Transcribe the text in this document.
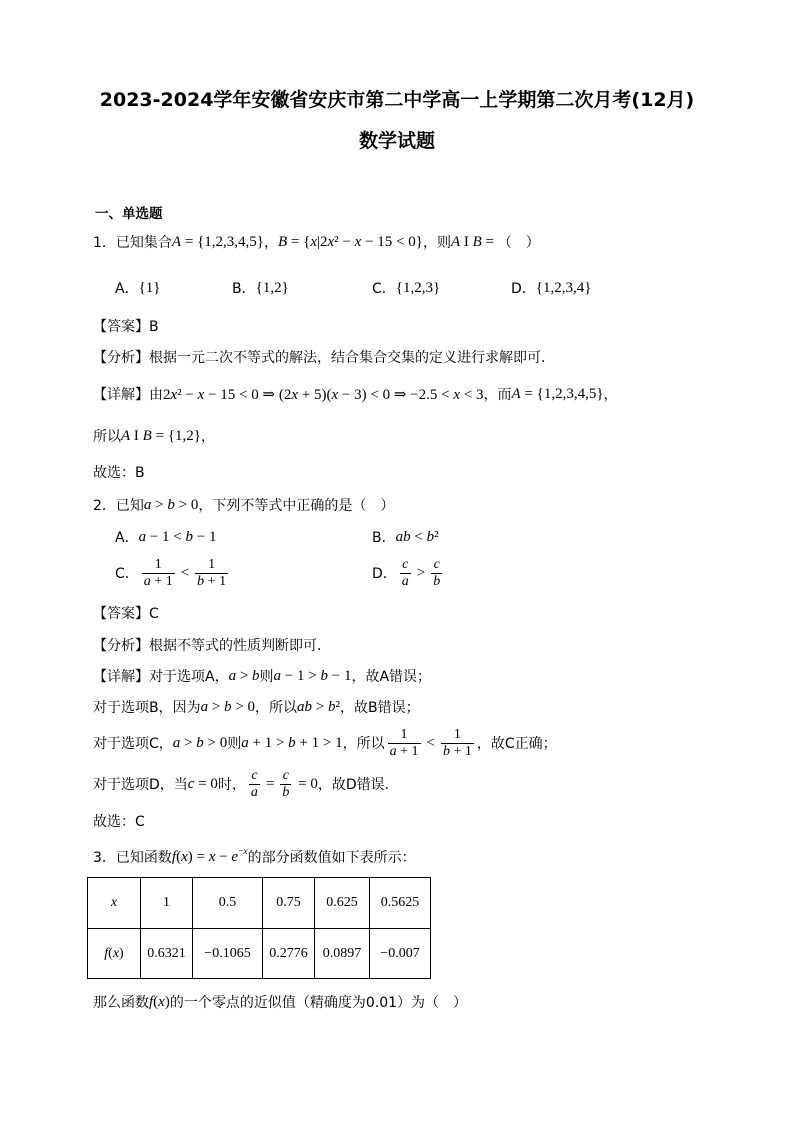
2023-2024学年安徽省安庆市第二中学高一上学期第二次月考(12月)
数学试题
一、单选题
1．已知集合 A = {1,2,3,4,5} ， B = {x|2x² − x − 15 < 0} ，则 A I B = （　）
A． {1}	B． {1,2}	C． {1,2,3}	D． {1,2,3,4}
【答案】B
【分析】根据一元二次不等式的解法，结合集合交集的定义进行求解即可.
【详解】由 2x² − x − 15 < 0 ⇒ (2x + 5)(x − 3) < 0 ⇒ −2.5 < x < 3 ，而 A = {1,2,3,4,5} ，
所以 A I B = {1,2} ，
故选：B
2．已知 a > b > 0 ，下列不等式中正确的是（　）
A． a − 1 < b − 1	B． ab < b²
C． $\frac{1}{a + 1} < \frac{1}{b + 1}$	D． $\frac{c}{a} > \frac{c}{b}$
【答案】C
【分析】根据不等式的性质判断即可.
【详解】对于选项A， a > b 则 a − 1 > b − 1 ，故A错误；
对于选项B，因为 a > b > 0 ，所以 ab > b² ，故B错误；
对于选项C， a > b > 0 则 a + 1 > b + 1 > 1 ，所以 $\frac{1}{a + 1} < \frac{1}{b + 1}$ ，故C正确；
对于选项D，当 c = 0 时， $\frac{c}{a} = \frac{c}{b} = 0$ ，故D错误.
故选：C
3．已知函数 f(x) = x − e −x 的部分函数值如下表所示：
x	1	0.5	0.75	0.625	0.5625
f(x)	0.6321	−0.1065	0.2776	0.0897	−0.007
那么函数 f(x) 的一个零点的近似值（精确度为0.01）为（　）
